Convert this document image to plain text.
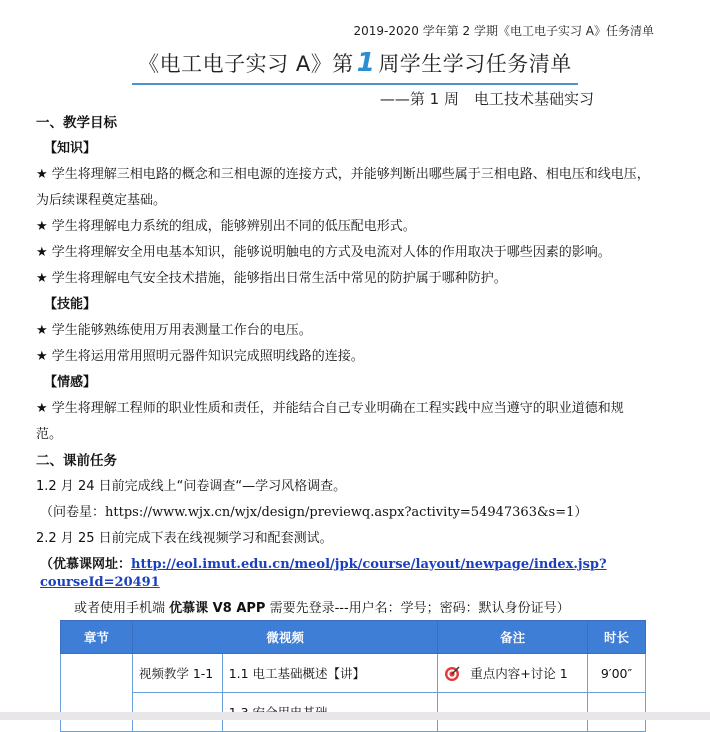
2019-2020 学年第 2 学期《电工电子实习 A》任务清单
《电工电子实习 A》第 1 周学生学习任务清单
——第 1 周　电工技术基础实习
一、教学目标
【知识】
★ 学生将理解三相电路的概念和三相电源的连接方式，并能够判断出哪些属于三相电路、相电压和线电压，
为后续课程奠定基础。
★ 学生将理解电力系统的组成，能够辨别出不同的低压配电形式。
★ 学生将理解安全用电基本知识，能够说明触电的方式及电流对人体的作用取决于哪些因素的影响。
★ 学生将理解电气安全技术措施，能够指出日常生活中常见的防护属于哪种防护。
【技能】
★ 学生能够熟练使用万用表测量工作台的电压。
★ 学生将运用常用照明元器件知识完成照明线路的连接。
【情感】
★ 学生将理解工程师的职业性质和责任，并能结合自己专业明确在工程实践中应当遵守的职业道德和规
范。
二、课前任务
1.2 月 24 日前完成线上“问卷调查“—学习风格调查。
（问卷星：https://www.wjx.cn/wjx/design/previewq.aspx?activity=54947363&s=1）
2.2 月 25 日前完成下表在线视频学习和配套测试。
（优慕课网址：http://eol.imut.edu.cn/meol/jpk/course/layout/newpage/index.jsp?courseId=20491
或者使用手机端 优慕课 V8 APP 需要先登录---用户名：学号；密码：默认身份证号）
章节	微视频		备注	时长
	视频教学 1-1	1.1 电工基础概述【讲】	重点内容+讨论 1	9′00″
